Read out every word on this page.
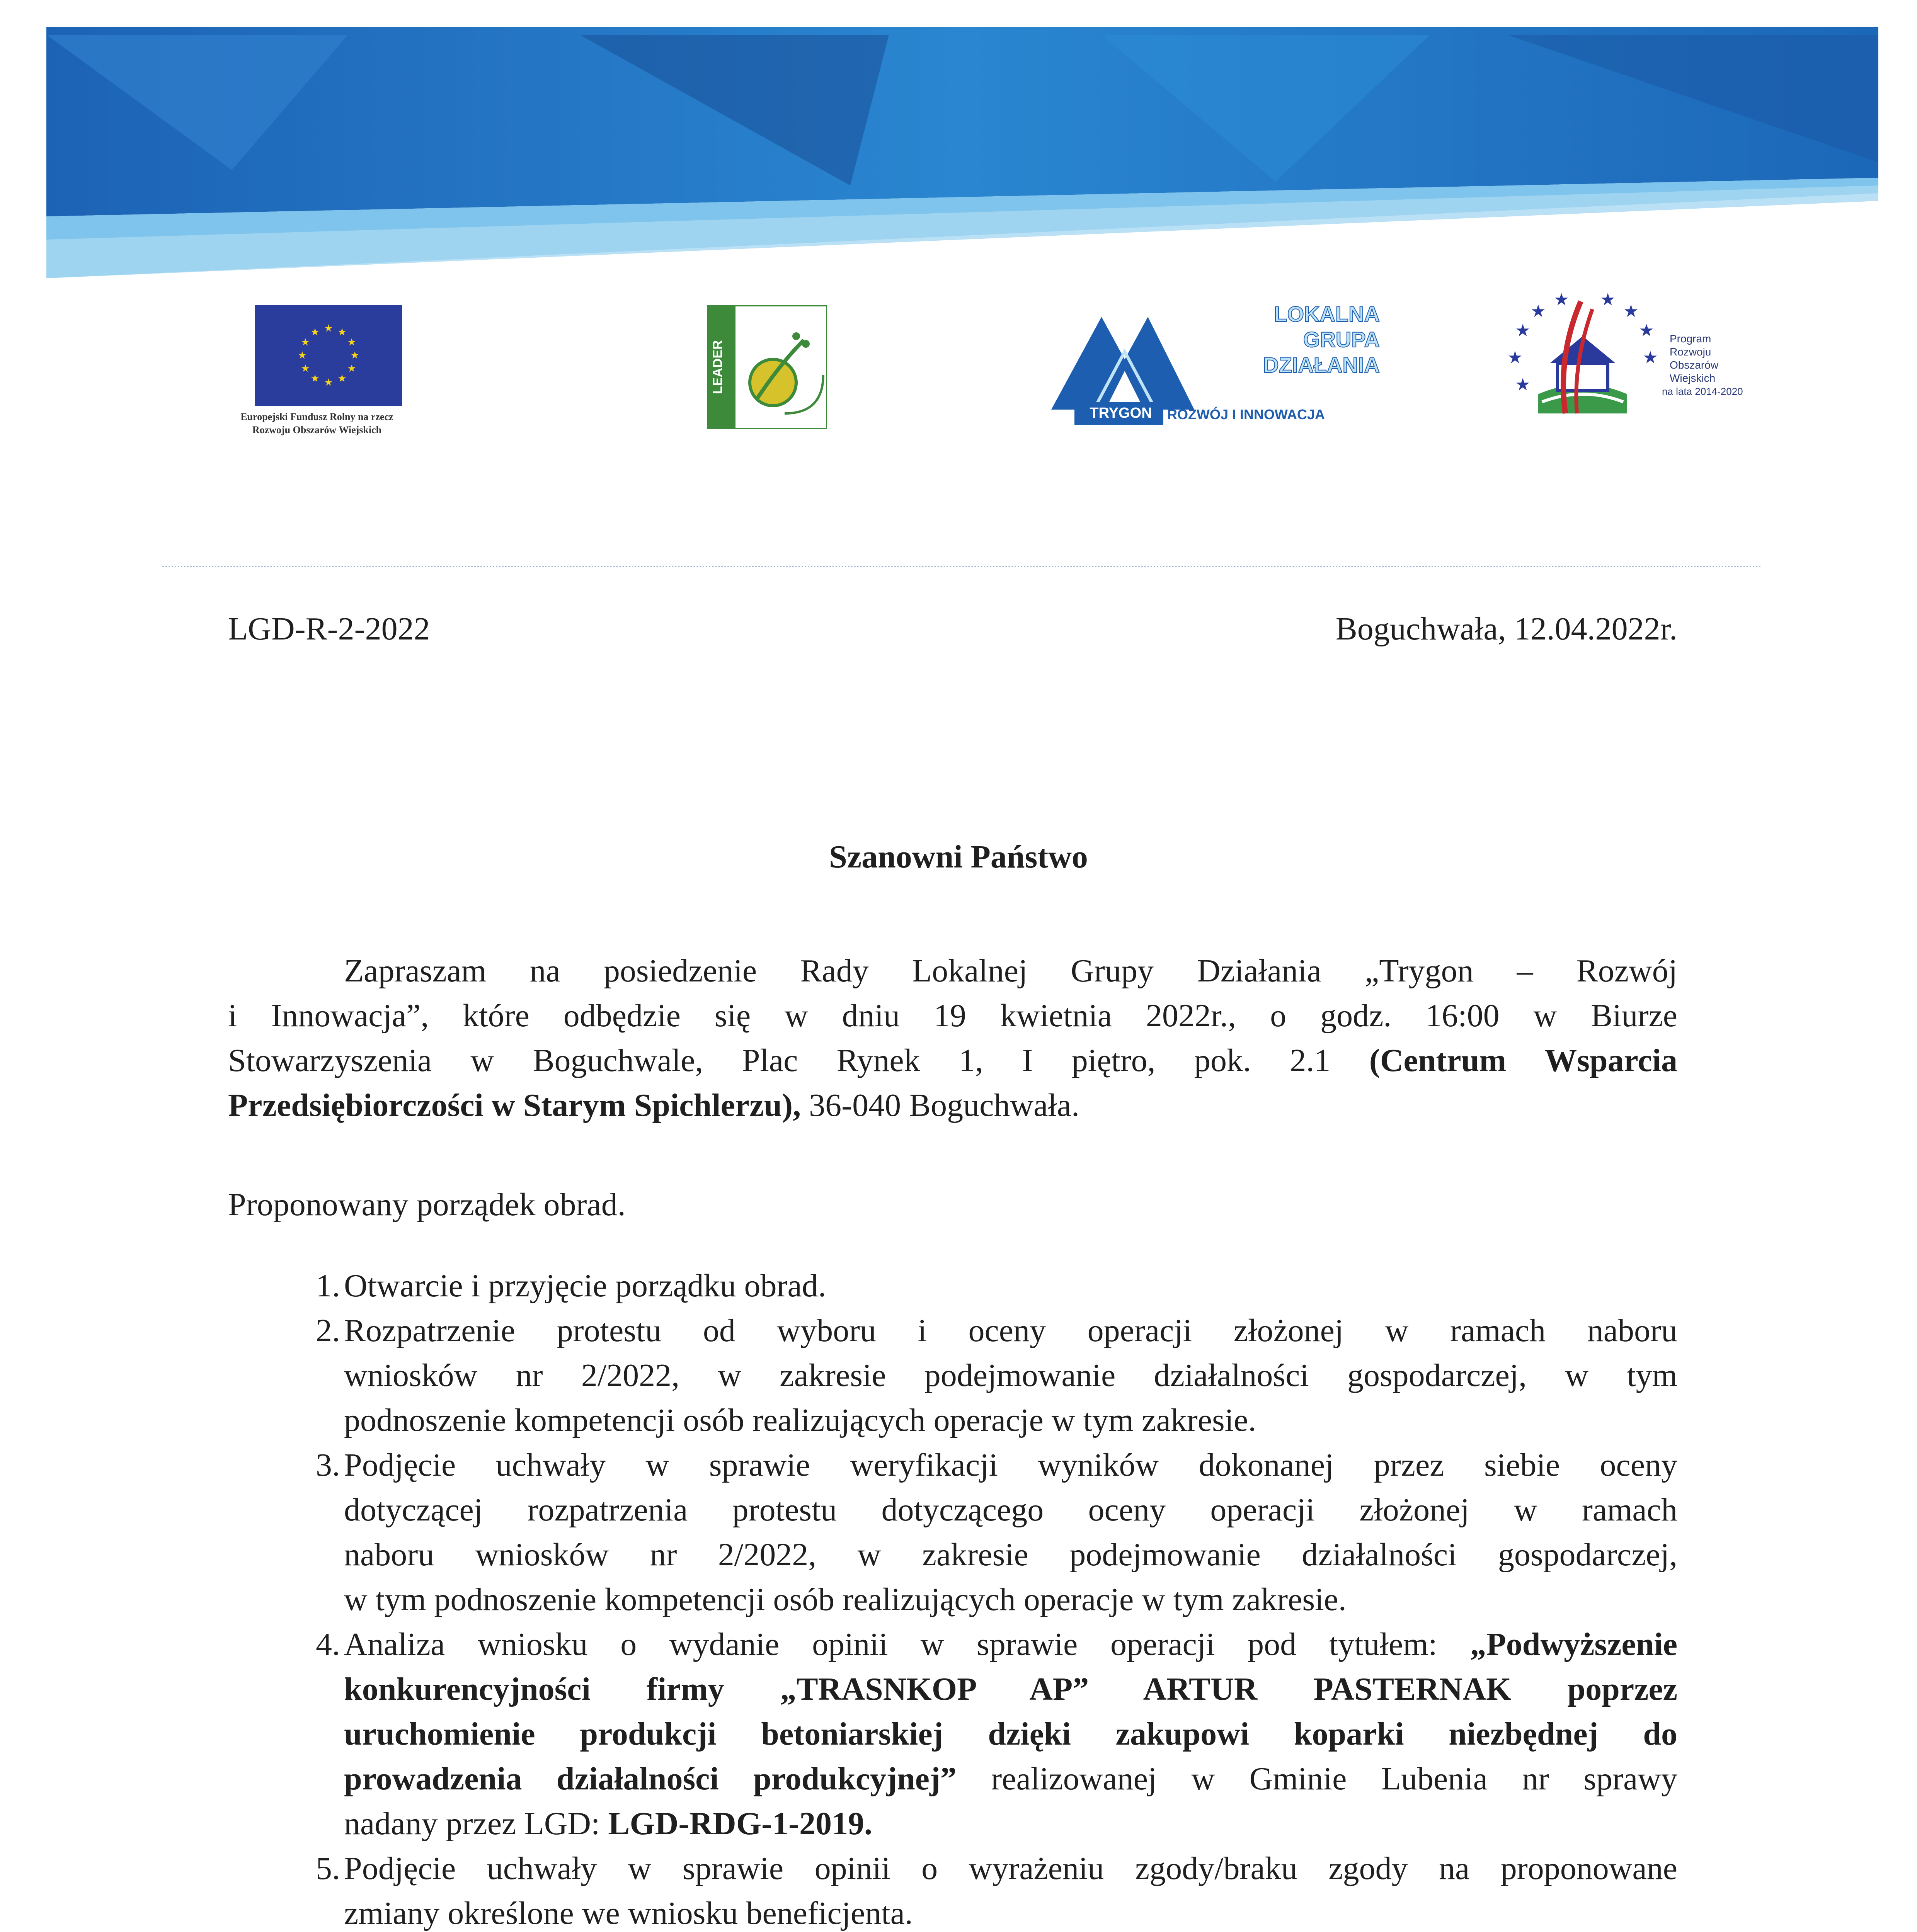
★ ★
★
★
★
★
★
★
★
★
★
★
Europejski Fundusz Rolny na rzecz
Rozwoju Obszarów Wiejskich
LEADER
LOKALNA
GRUPA
DZIAŁANIA
TRYGON	ROZWÓJ I INNOWACJA
★
★
★ ★
★
★
★	★
★
Program
Rozwoju
Obszarów
Wiejskich
na lata 2014-2020
LGD-R-2-2022	Boguchwała, 12.04.2022r.
Szanowni Państwo
Zapraszam na posiedzenie Rady Lokalnej Grupy Działania „Trygon – Rozwój
i Innowacja”, które odbędzie się w dniu 19 kwietnia 2022r., o godz. 16:00 w Biurze
Stowarzyszenia w Boguchwale, Plac Rynek 1, I piętro, pok. 2.1 (Centrum Wsparcia
Przedsiębiorczości w Starym Spichlerzu), 36-040 Boguchwała.
Proponowany porządek obrad.
1. Otwarcie i przyjęcie porządku obrad.
2. Rozpatrzenie protestu od wyboru i oceny operacji złożonej w ramach naboru
wniosków nr 2/2022, w zakresie podejmowanie działalności gospodarczej, w tym
podnoszenie kompetencji osób realizujących operacje w tym zakresie.
3. Podjęcie uchwały w sprawie weryfikacji wyników dokonanej przez siebie oceny
dotyczącej rozpatrzenia protestu dotyczącego oceny operacji złożonej w ramach
naboru wniosków nr 2/2022, w zakresie podejmowanie działalności gospodarczej,
w tym podnoszenie kompetencji osób realizujących operacje w tym zakresie.
4. Analiza wniosku o wydanie opinii w sprawie operacji pod tytułem: „Podwyższenie
konkurencyjności firmy „TRASNKOP AP” ARTUR PASTERNAK poprzez
uruchomienie produkcji betoniarskiej dzięki zakupowi koparki niezbędnej do
prowadzenia działalności produkcyjnej” realizowanej w Gminie Lubenia nr sprawy
nadany przez LGD: LGD-RDG-1-2019.
5. Podjęcie uchwały w sprawie opinii o wyrażeniu zgody/braku zgody na proponowane
zmiany określone we wniosku beneficjenta.
